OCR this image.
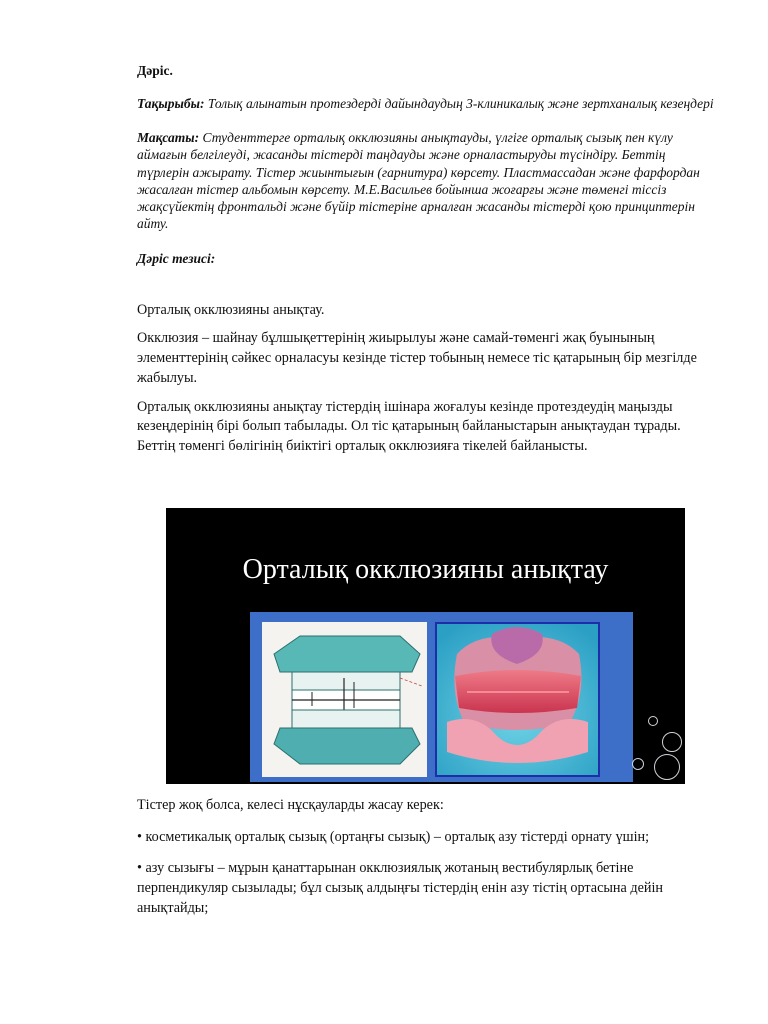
Дәріс.

Тақырыбы: Толық алынатын протездерді дайындаудың 3-клиникалық және зертханалық кезеңдері

Мақсаты: Студенттерге орталық окклюзияны анықтауды, үлгіге орталық сызық пен күлу аймағын белгілеуді, жасанды тістерді таңдауды және орналастыруды түсіндіру. Беттің түрлерін ажырату. Тістер жиынтығын (гарнитура) көрсету. Пластмассадан және фарфордан жасалған тістер альбомын көрсету. М.Е.Васильев бойынша жоғарғы және төменгі тіссіз жақсүйектің фронтальді және бүйір тістеріне арналған жасанды тістерді қою принциптерін айту.

Дәріс тезисі:

Орталық окклюзияны анықтау.

Окклюзия – шайнау бұлшықеттерінің жиырылуы және самай-төменгі жақ буынының элементтерінің сәйкес орналасуы кезінде тістер тобының немесе тіс қатарының бір мезгілде жабылуы.

Орталық окклюзияны анықтау тістердің ішінара жоғалуы кезінде протездеудің маңызды кезеңдерінің бірі болып табылады. Ол тіс қатарының байланыстарын анықтаудан тұрады. Беттің төменгі бөлігінің биіктігі орталық окклюзияға тікелей байланысты.

Орталық окклюзияны анықтау

Тістер жоқ болса, келесі нұсқауларды жасау керек:

• косметикалық орталық сызық (ортаңғы сызық) – орталық азу тістерді орнату үшін;

• азу сызығы – мұрын қанаттарынан окклюзиялық жотаның вестибулярлық бетіне перпендикуляр сызылады; бұл сызық алдыңғы тістердің енін азу тістің ортасына дейін анықтайды;
